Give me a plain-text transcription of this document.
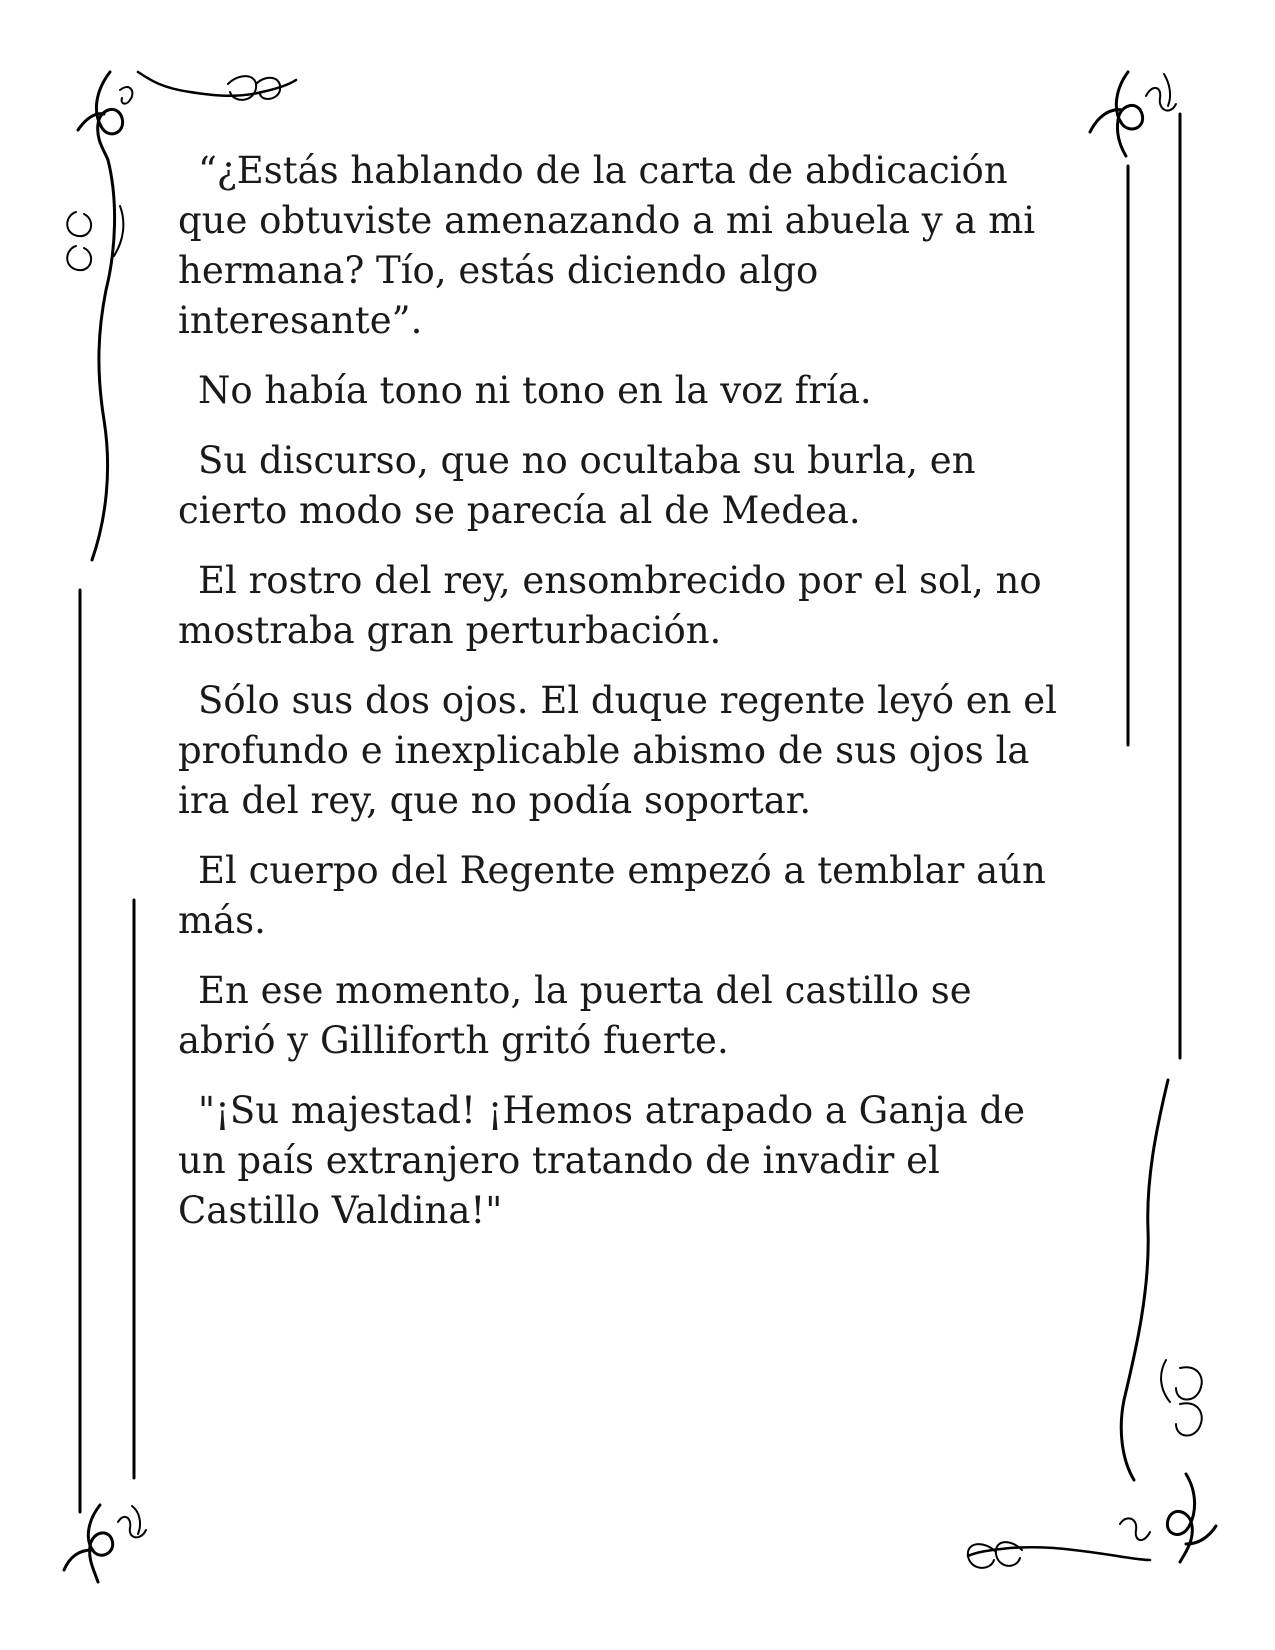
“¿Estás hablando de la carta de abdicación
que obtuviste amenazando a mi abuela y a mi
hermana? Tío, estás diciendo algo
interesante”.

No había tono ni tono en la voz fría.

Su discurso, que no ocultaba su burla, en
cierto modo se parecía al de Medea.

El rostro del rey, ensombrecido por el sol, no
mostraba gran perturbación.

Sólo sus dos ojos. El duque regente leyó en el
profundo e inexplicable abismo de sus ojos la
ira del rey, que no podía soportar.

El cuerpo del Regente empezó a temblar aún
más.

En ese momento, la puerta del castillo se
abrió y Gilliforth gritó fuerte.

"¡Su majestad! ¡Hemos atrapado a Ganja de
un país extranjero tratando de invadir el
Castillo Valdina!"
